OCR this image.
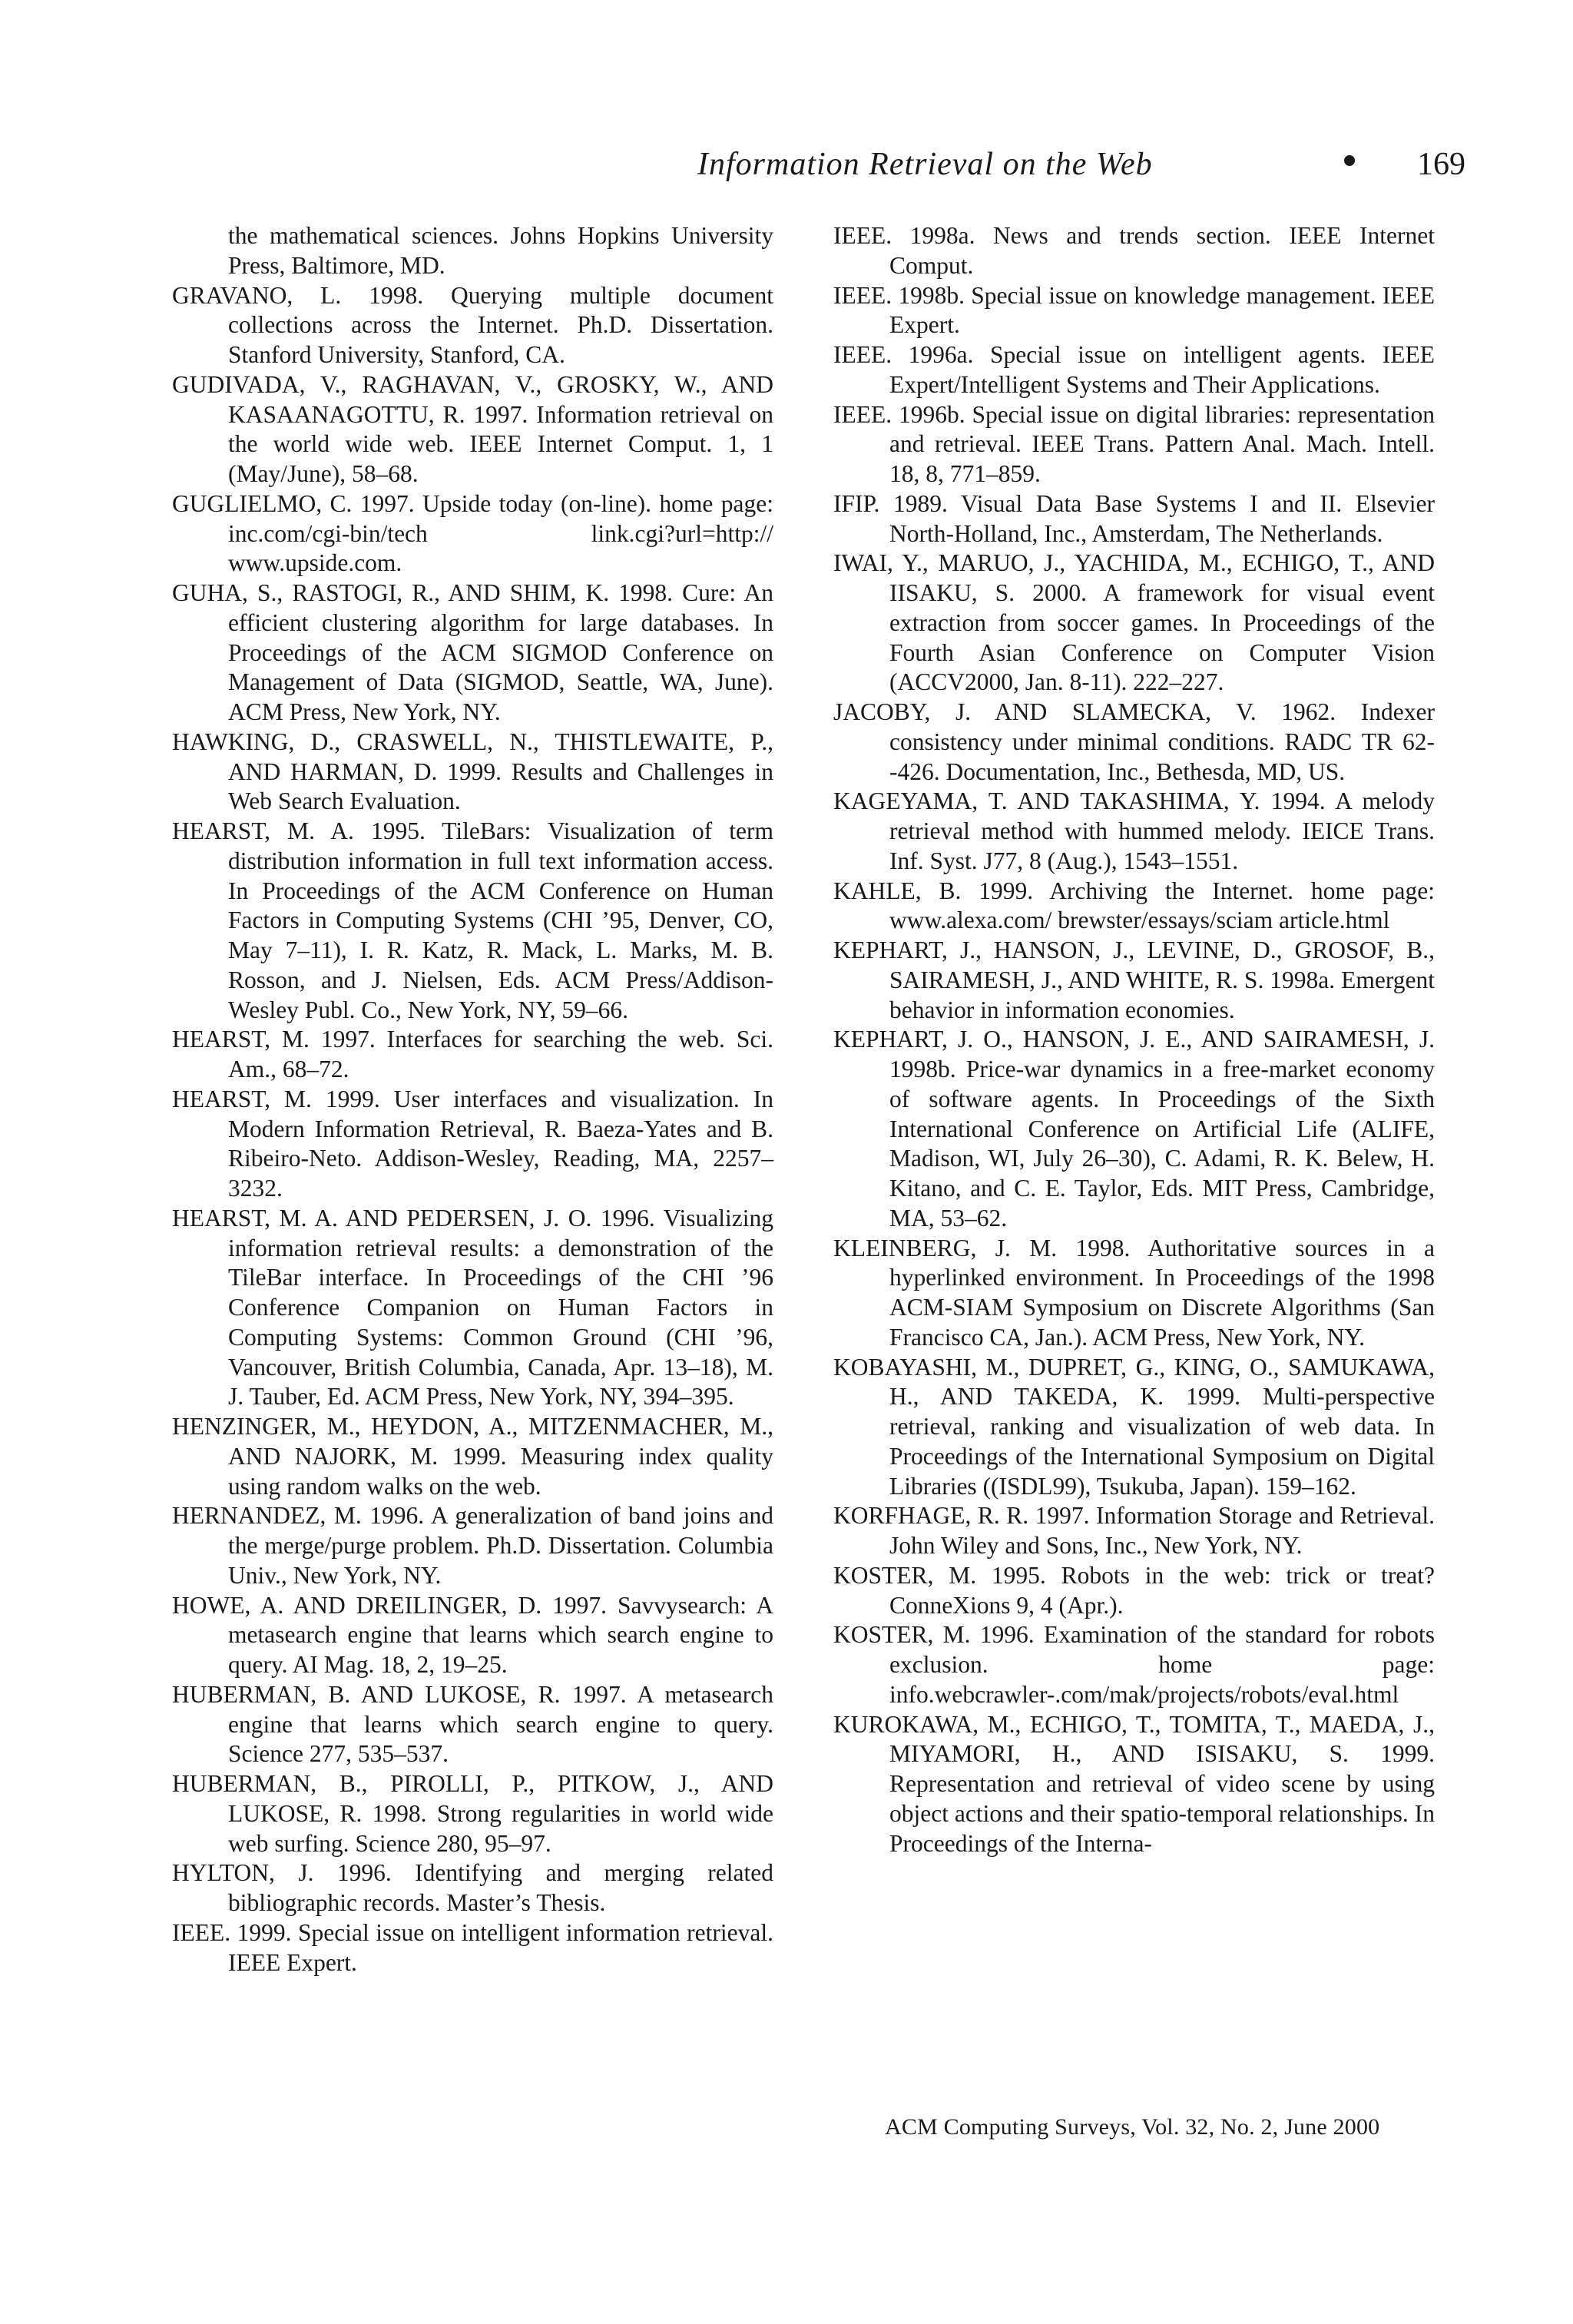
Information Retrieval on the Web	169

the mathematical sciences. Johns Hopkins University Press, Baltimore, MD.

GRAVANO, L. 1998. Querying multiple document collections across the Internet. Ph.D. Dissertation. Stanford University, Stanford, CA.

GUDIVADA, V., RAGHAVAN, V., GROSKY, W., AND KASAANAGOTTU, R. 1997. Information retrieval on the world wide web. IEEE Internet Comput. 1, 1 (May/June), 58–68.

GUGLIELMO, C. 1997. Upside today (on-line). home page: inc.com/cgi-bin/tech link.cgi?url=http:// www.upside.com.

GUHA, S., RASTOGI, R., AND SHIM, K. 1998. Cure: An efficient clustering algorithm for large databases. In Proceedings of the ACM SIGMOD Conference on Management of Data (SIGMOD, Seattle, WA, June). ACM Press, New York, NY.

HAWKING, D., CRASWELL, N., THISTLEWAITE, P., AND HARMAN, D. 1999. Results and Challenges in Web Search Evaluation.

HEARST, M. A. 1995. TileBars: Visualization of term distribution information in full text information access. In Proceedings of the ACM Conference on Human Factors in Computing Systems (CHI ’95, Denver, CO, May 7–11), I. R. Katz, R. Mack, L. Marks, M. B. Rosson, and J. Nielsen, Eds. ACM Press/Addison-Wesley Publ. Co., New York, NY, 59–66.

HEARST, M. 1997. Interfaces for searching the web. Sci. Am., 68–72.

HEARST, M. 1999. User interfaces and visualization. In Modern Information Retrieval, R. Baeza-Yates and B. Ribeiro-Neto. Addison-Wesley, Reading, MA, 2257–3232.

HEARST, M. A. AND PEDERSEN, J. O. 1996. Visualizing information retrieval results: a demonstration of the TileBar interface. In Proceedings of the CHI ’96 Conference Companion on Human Factors in Computing Systems: Common Ground (CHI ’96, Vancouver, British Columbia, Canada, Apr. 13–18), M. J. Tauber, Ed. ACM Press, New York, NY, 394–395.

HENZINGER, M., HEYDON, A., MITZENMACHER, M., AND NAJORK, M. 1999. Measuring index quality using random walks on the web.

HERNANDEZ, M. 1996. A generalization of band joins and the merge/purge problem. Ph.D. Dissertation. Columbia Univ., New York, NY.

HOWE, A. AND DREILINGER, D. 1997. Savvysearch: A metasearch engine that learns which search engine to query. AI Mag. 18, 2, 19–25.

HUBERMAN, B. AND LUKOSE, R. 1997. A metasearch engine that learns which search engine to query. Science 277, 535–537.

HUBERMAN, B., PIROLLI, P., PITKOW, J., AND LUKOSE, R. 1998. Strong regularities in world wide web surfing. Science 280, 95–97.

HYLTON, J. 1996. Identifying and merging related bibliographic records. Master’s Thesis.

IEEE. 1999. Special issue on intelligent information retrieval. IEEE Expert.

IEEE. 1998a. News and trends section. IEEE Internet Comput.

IEEE. 1998b. Special issue on knowledge management. IEEE Expert.

IEEE. 1996a. Special issue on intelligent agents. IEEE Expert/Intelligent Systems and Their Applications.

IEEE. 1996b. Special issue on digital libraries: representation and retrieval. IEEE Trans. Pattern Anal. Mach. Intell. 18, 8, 771–859.

IFIP. 1989. Visual Data Base Systems I and II. Elsevier North-Holland, Inc., Amsterdam, The Netherlands.

IWAI, Y., MARUO, J., YACHIDA, M., ECHIGO, T., AND IISAKU, S. 2000. A framework for visual event extraction from soccer games. In Proceedings of the Fourth Asian Conference on Computer Vision (ACCV2000, Jan. 8-11). 222–227.

JACOBY, J. AND SLAMECKA, V. 1962. Indexer consistency under minimal conditions. RADC TR 62--426. Documentation, Inc., Bethesda, MD, US.

KAGEYAMA, T. AND TAKASHIMA, Y. 1994. A melody retrieval method with hummed melody. IEICE Trans. Inf. Syst. J77, 8 (Aug.), 1543–1551.

KAHLE, B. 1999. Archiving the Internet. home page: www.alexa.com/ brewster/essays/sciam article.html

KEPHART, J., HANSON, J., LEVINE, D., GROSOF, B., SAIRAMESH, J., AND WHITE, R. S. 1998a. Emergent behavior in information economies.

KEPHART, J. O., HANSON, J. E., AND SAIRAMESH, J. 1998b. Price-war dynamics in a free-market economy of software agents. In Proceedings of the Sixth International Conference on Artificial Life (ALIFE, Madison, WI, July 26–30), C. Adami, R. K. Belew, H. Kitano, and C. E. Taylor, Eds. MIT Press, Cambridge, MA, 53–62.

KLEINBERG, J. M. 1998. Authoritative sources in a hyperlinked environment. In Proceedings of the 1998 ACM-SIAM Symposium on Discrete Algorithms (San Francisco CA, Jan.). ACM Press, New York, NY.

KOBAYASHI, M., DUPRET, G., KING, O., SAMUKAWA, H., AND TAKEDA, K. 1999. Multi-perspective retrieval, ranking and visualization of web data. In Proceedings of the International Symposium on Digital Libraries ((ISDL99), Tsukuba, Japan). 159–162.

KORFHAGE, R. R. 1997. Information Storage and Retrieval. John Wiley and Sons, Inc., New York, NY.

KOSTER, M. 1995. Robots in the web: trick or treat? ConneXions 9, 4 (Apr.).

KOSTER, M. 1996. Examination of the standard for robots exclusion. home page: info.webcrawler-.com/mak/projects/robots/eval.html

KUROKAWA, M., ECHIGO, T., TOMITA, T., MAEDA, J., MIYAMORI, H., AND ISISAKU, S. 1999. Representation and retrieval of video scene by using object actions and their spatio-temporal relationships. In Proceedings of the Interna-

ACM Computing Surveys, Vol. 32, No. 2, June 2000
